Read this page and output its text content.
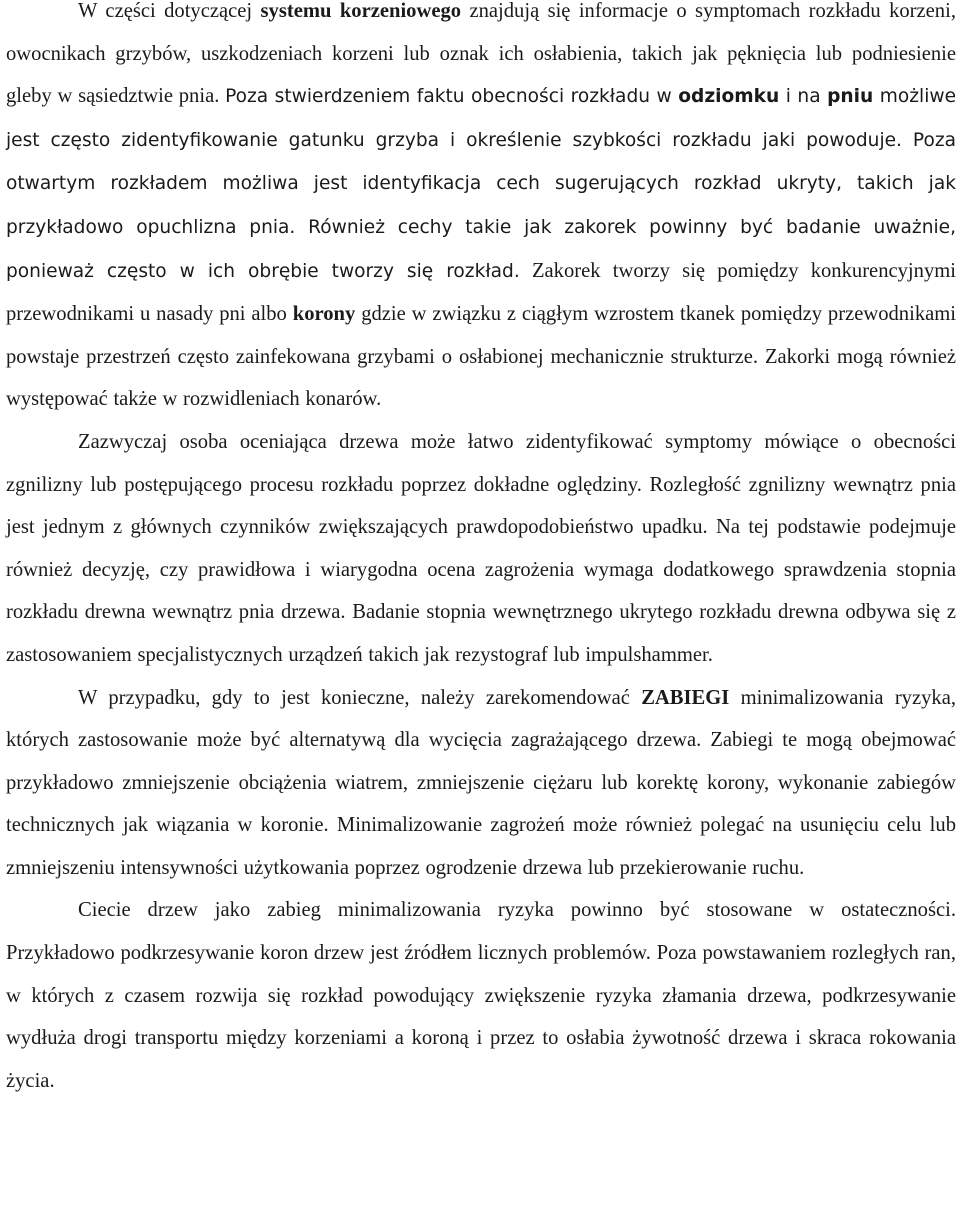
W części dotyczącej systemu korzeniowego znajdują się informacje o symptomach rozkładu korzeni, owocnikach grzybów, uszkodzeniach korzeni lub oznak ich osłabienia, takich jak pęknięcia lub podniesienie gleby w sąsiedztwie pnia. Poza stwierdzeniem faktu obecności rozkładu w odziomku i na pniu możliwe jest często zidentyfikowanie gatunku grzyba i określenie szybkości rozkładu jaki powoduje. Poza otwartym rozkładem możliwa jest identyfikacja cech sugerujących rozkład ukryty, takich jak przykładowo opuchlizna pnia. Również cechy takie jak zakorek powinny być badanie uważnie, ponieważ często w ich obrębie tworzy się rozkład. Zakorek tworzy się pomiędzy konkurencyjnymi przewodnikami u nasady pni albo korony gdzie w związku z ciągłym wzrostem tkanek pomiędzy przewodnikami powstaje przestrzeń często zainfekowana grzybami o osłabionej mechanicznie strukturze. Zakorki mogą również występować także w rozwidleniach konarów.

Zazwyczaj osoba oceniająca drzewa może łatwo zidentyfikować symptomy mówiące o obecności zgnilizny lub postępującego procesu rozkładu poprzez dokładne oględziny. Rozległość zgnilizny wewnątrz pnia jest jednym z głównych czynników zwiększających prawdopodobieństwo upadku. Na tej podstawie podejmuje również decyzję, czy prawidłowa i wiarygodna ocena zagrożenia wymaga dodatkowego sprawdzenia stopnia rozkładu drewna wewnątrz pnia drzewa. Badanie stopnia wewnętrznego ukrytego rozkładu drewna odbywa się z zastosowaniem specjalistycznych urządzeń takich jak rezystograf lub impulshammer.

W przypadku, gdy to jest konieczne, należy zarekomendować ZABIEGI minimalizowania ryzyka, których zastosowanie może być alternatywą dla wycięcia zagrażającego drzewa. Zabiegi te mogą obejmować przykładowo zmniejszenie obciążenia wiatrem, zmniejszenie ciężaru lub korektę korony, wykonanie zabiegów technicznych jak wiązania w koronie. Minimalizowanie zagrożeń może również polegać na usunięciu celu lub zmniejszeniu intensywności użytkowania poprzez ogrodzenie drzewa lub przekierowanie ruchu.

Ciecie drzew jako zabieg minimalizowania ryzyka powinno być stosowane w ostateczności. Przykładowo podkrzesywanie koron drzew jest źródłem licznych problemów. Poza powstawaniem rozległych ran, w których z czasem rozwija się rozkład powodujący zwiększenie ryzyka złamania drzewa, podkrzesywanie wydłuża drogi transportu między korzeniami a koroną i przez to osłabia żywotność drzewa i skraca rokowania życia.
